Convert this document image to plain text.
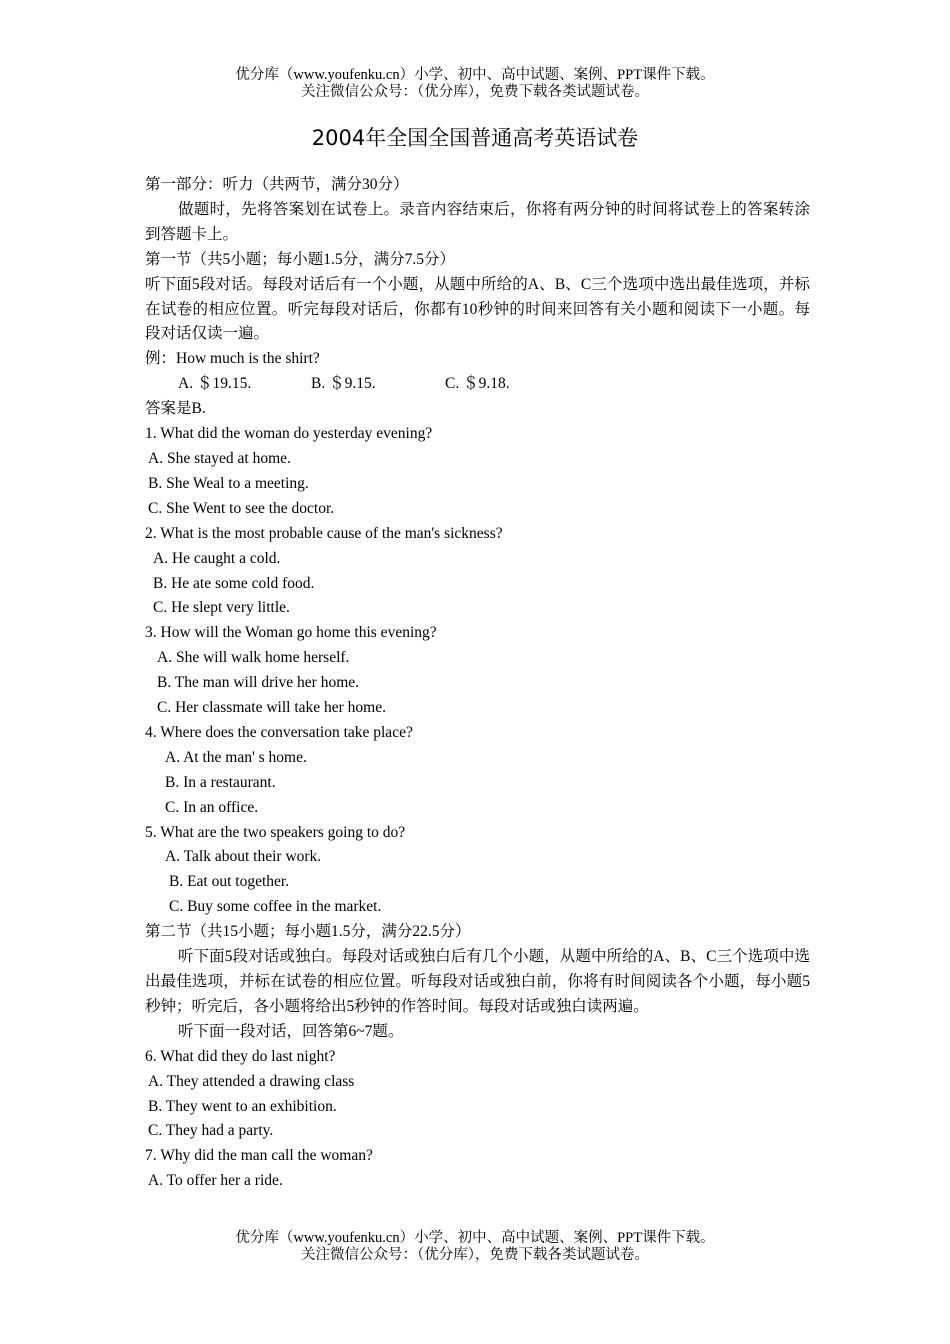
优分库（www.youfenku.cn）小学、初中、高中试题、案例、PPT课件下载。
关注微信公众号：（优分库），免费下载各类试题试卷。
2004年全国全国普通高考英语试卷

第一部分：听力（共两节，满分30分）

做题时，先将答案划在试卷上。录音内容结束后，你将有两分钟的时间将试卷上的答案转涂到答题卡上。

第一节（共5小题；每小题1.5分，满分7.5分）

听下面5段对话。每段对话后有一个小题，从题中所给的A、B、C三个选项中选出最佳选项，并标在试卷的相应位置。听完每段对话后，你都有10秒钟的时间来回答有关小题和阅读下一小题。每段对话仅读一遍。

例：How much is the shirt?

A. ＄19.15.	B. ＄9.15.	C. ＄9.18.

答案是B.

1. What did the woman do yesterday evening?

A. She stayed at home.

B. She Weal to a meeting.

C. She Went to see the doctor.

2. What is the most probable cause of the man's sickness?

A. He caught a cold.

B. He ate some cold food.

C. He slept very little.

3. How will the Woman go home this evening?

A. She will walk home herself.

B. The man will drive her home.

C. Her classmate will take her home.

4. Where does the conversation take place?

A. At the man' s home.

B. In a restaurant.

C. In an office.

5. What are the two speakers going to do?

A. Talk about their work.

B. Eat out together.

C. Buy some coffee in the market.

第二节（共15小题；每小题1.5分，满分22.5分）

听下面5段对话或独白。每段对话或独白后有几个小题，从题中所给的A、B、C三个选项中选出最佳选项，并标在试卷的相应位置。听每段对话或独白前，你将有时间阅读各个小题，每小题5秒钟；听完后，各小题将给出5秒钟的作答时间。每段对话或独白读两遍。

听下面一段对话，回答第6~7题。

6. What did they do last night?

A. They attended a drawing class

B. They went to an exhibition.

C. They had a party.

7. Why did the man call the woman?

A. To offer her a ride.

优分库（www.youfenku.cn）小学、初中、高中试题、案例、PPT课件下载。
关注微信公众号：（优分库），免费下载各类试题试卷。
